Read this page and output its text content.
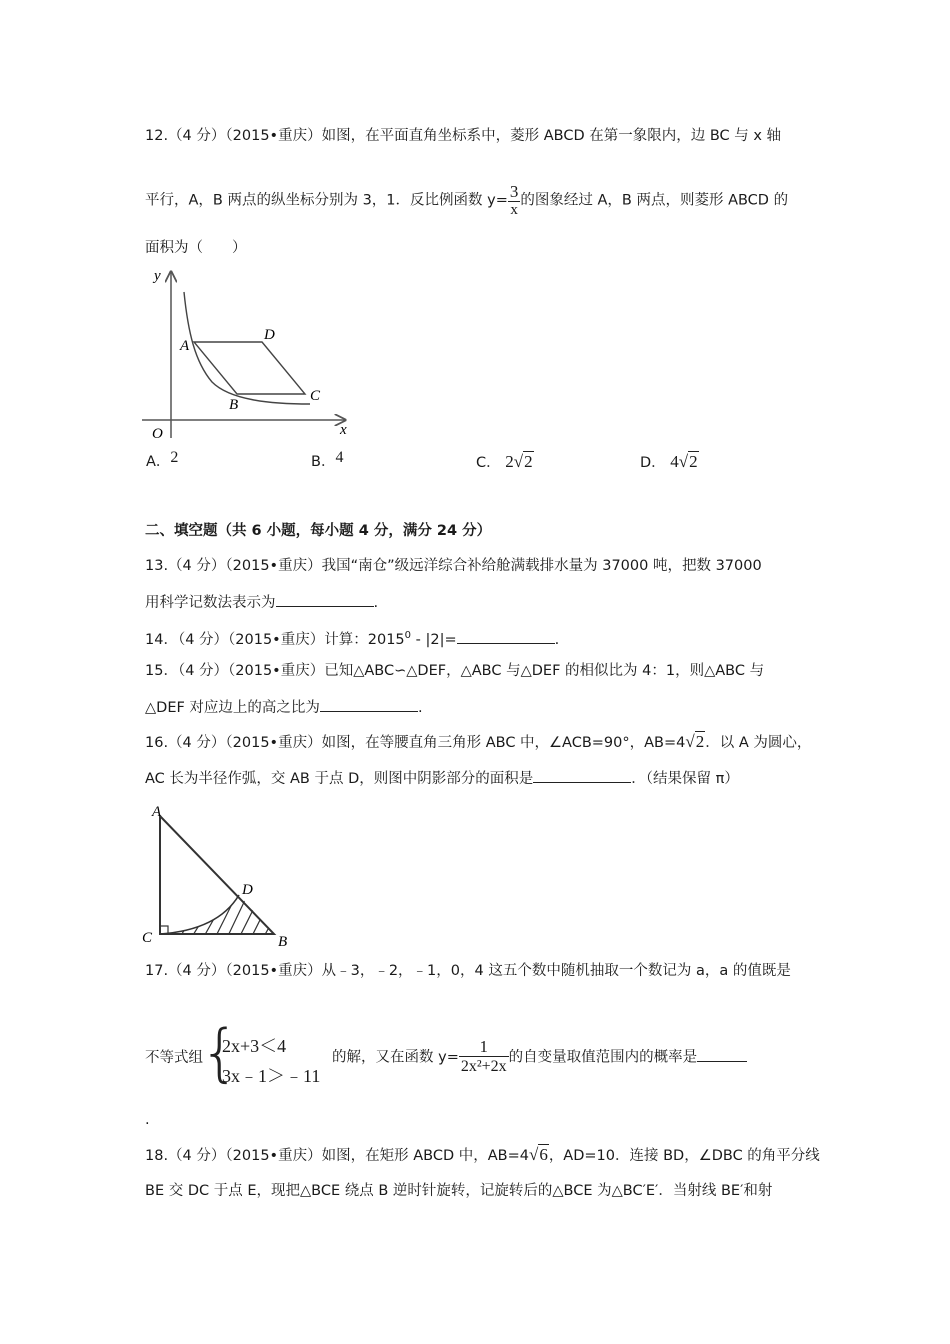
12.（4 分）（2015•重庆）如图，在平面直角坐标系中，菱形 ABCD 在第一象限内，边 BC 与 x 轴
平行，A，B 两点的纵坐标分别为 3，1．反比例函数 $y= \frac{3}{x}$ 的图象经过 A，B 两点，则菱形 ABCD 的
面积为（　　）
y
x
O
A
B
C
D
A．2	B．4	C． 2√2	D． 4√2
二、填空题（共 6 小题，每小题 4 分，满分 24 分）
13.（4 分）（2015•重庆）我国“南仓”级远洋综合补给舱满载排水量为 37000 吨，把数 37000
用科学记数法表示为	.
14．（4 分）（2015•重庆）计算：2015$^0$ - |2|=	.
15．（4 分）（2015•重庆）已知△ABC∽△DEF，△ABC 与△DEF 的相似比为 4：1，则△ABC 与
△DEF 对应边上的高之比为	.
16.（4 分）（2015•重庆）如图，在等腰直角三角形 ABC 中，∠ACB=90°，AB=4√2．以 A 为圆心，
AC 长为半径作弧，交 AB 于点 D，则图中阴影部分的面积是	．（结果保留 π）
A
B
C
D
17.（4 分）（2015•重庆）从﹣3，﹣2，﹣1，0，4 这五个数中随机抽取一个数记为 a，a 的值既是
不等式组
{
2x+3＜4
3x﹣1＞﹣11
的解，又在函数 $y= \frac{1}{\text{2x²+2x}}$ 的自变量取值范围内的概率是
.
18.（4 分）（2015•重庆）如图，在矩形 ABCD 中，AB=4√6，AD=10．连接 BD，∠DBC 的角平分线
BE 交 DC 于点 E，现把△BCE 绕点 B 逆时针旋转，记旋转后的△BCE 为△BC′E′．当射线 BE′和射
